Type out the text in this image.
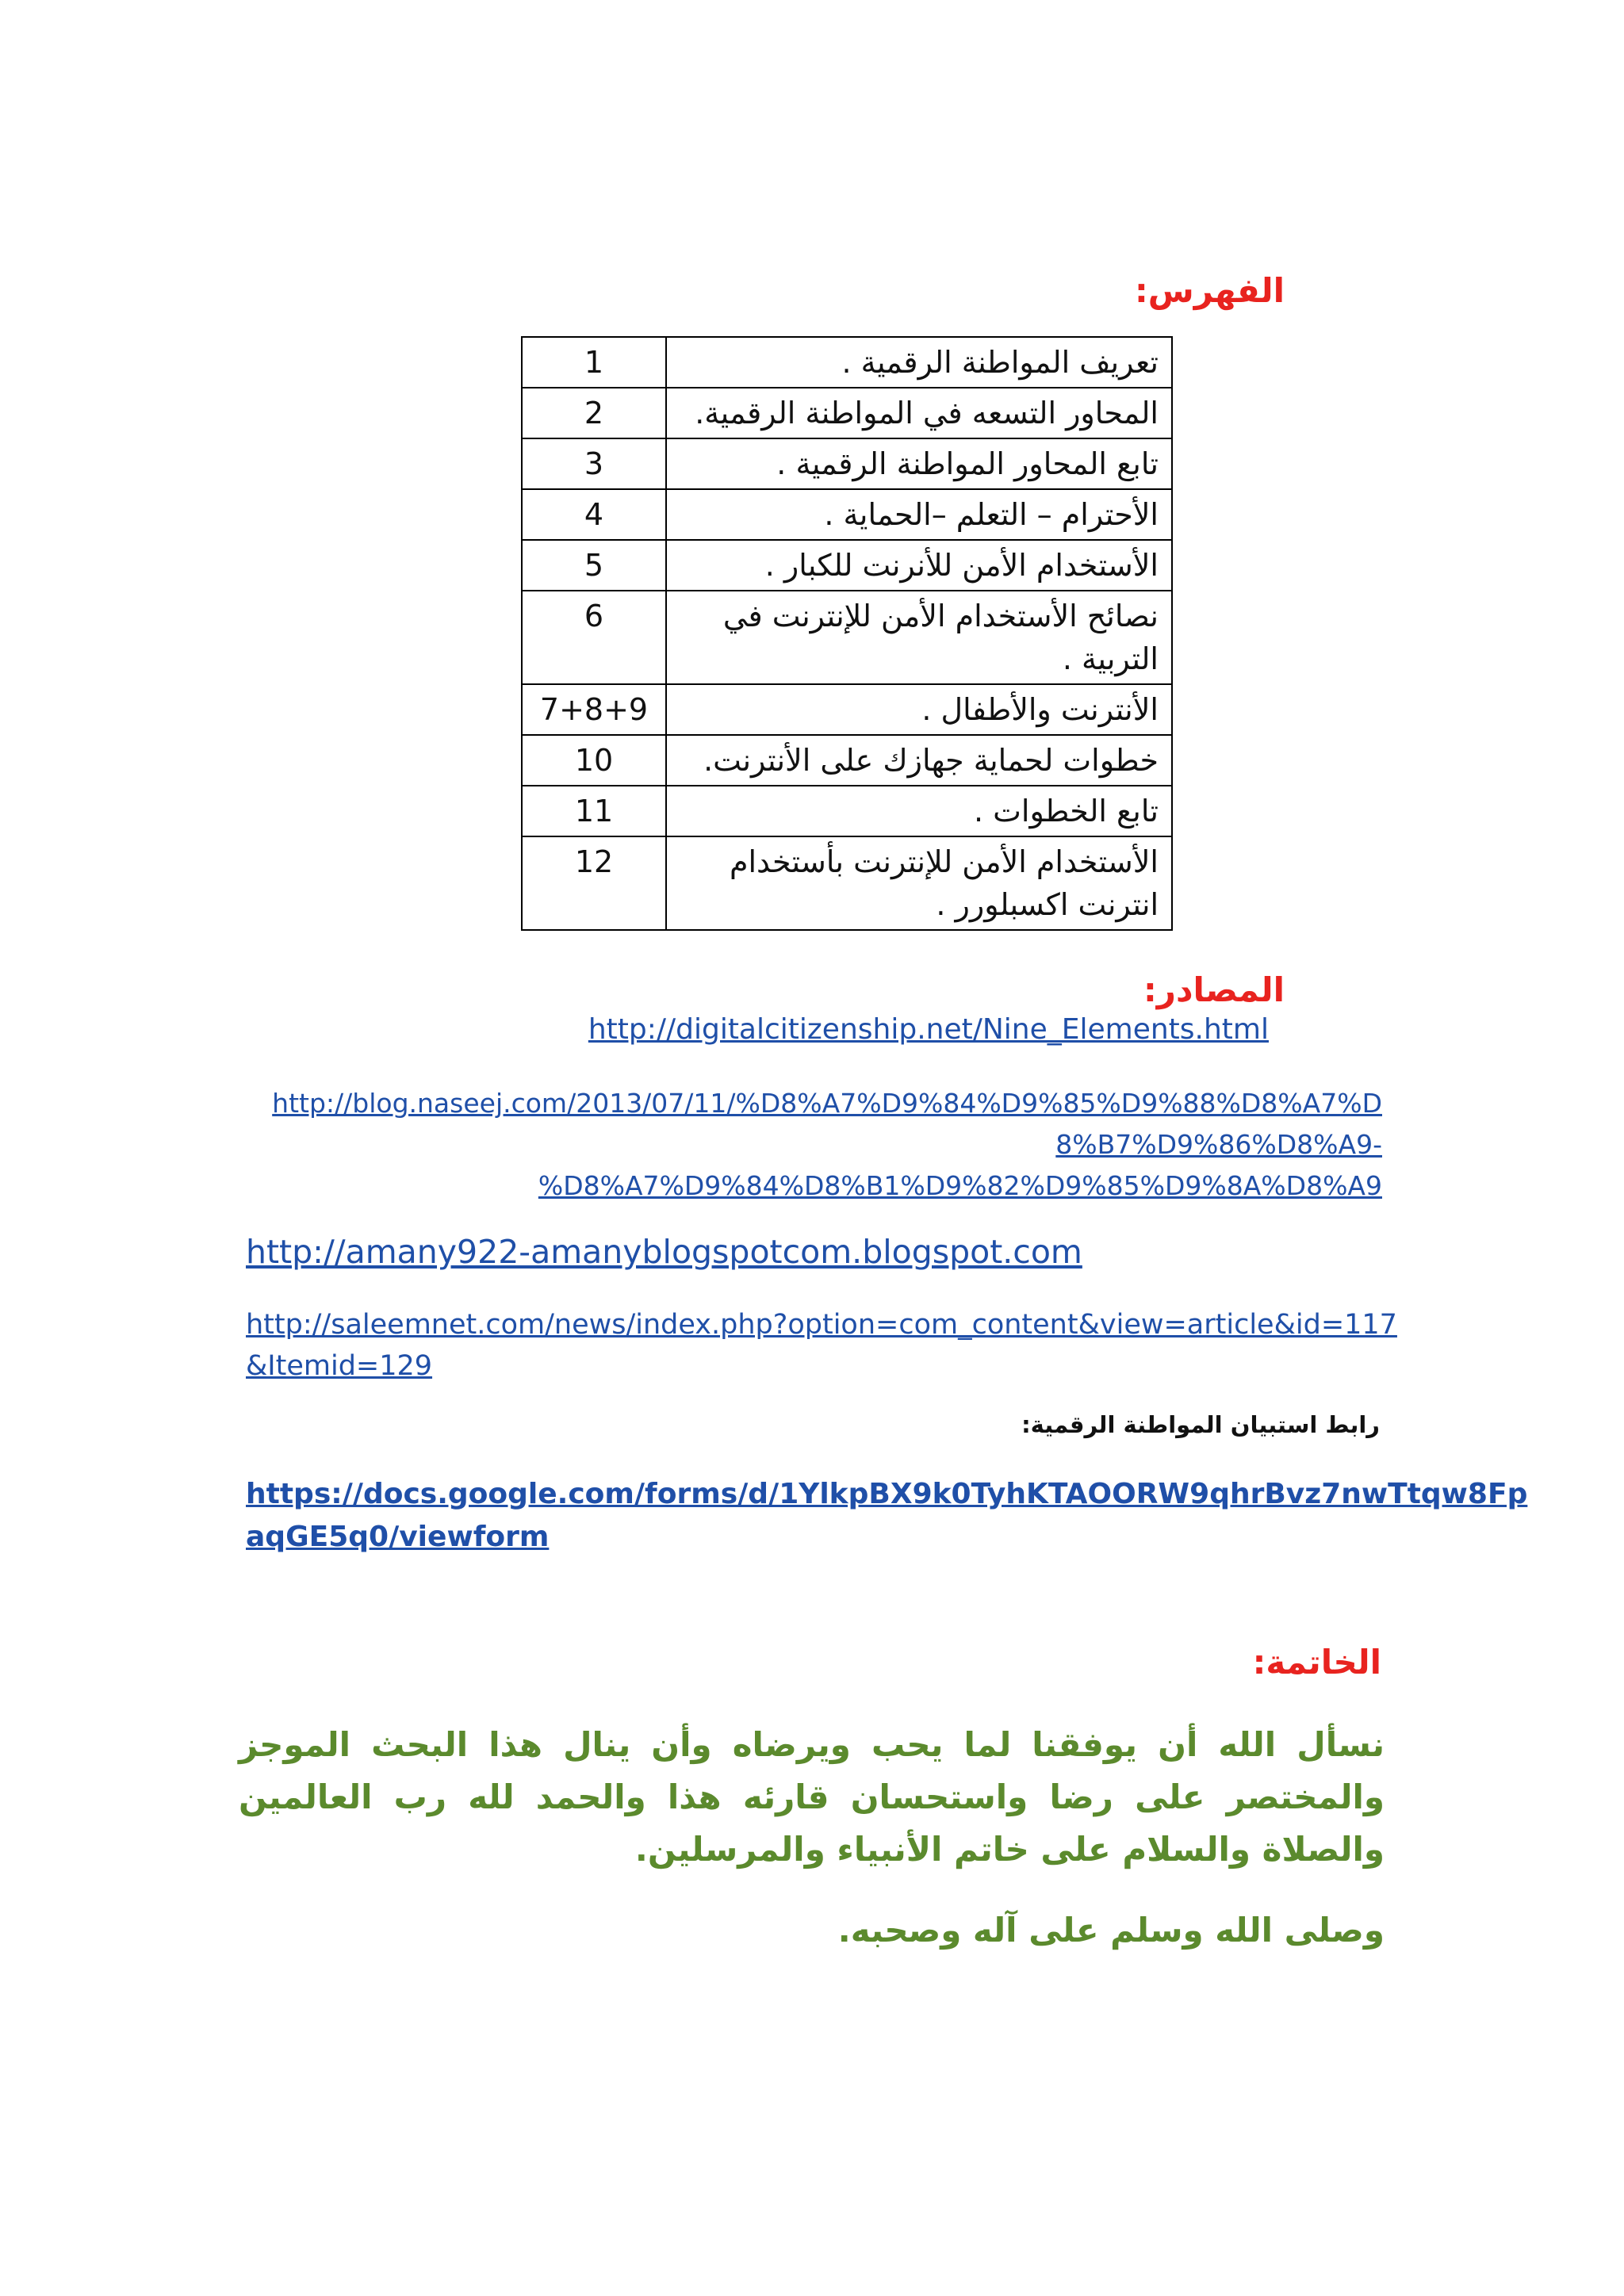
الفهرس:
تعريف المواطنة الرقمية .	1
المحاور التسعه في المواطنة الرقمية.	2
تابع المحاور المواطنة الرقمية .	3
الأحترام – التعلم –الحماية .	4
الأستخدام الأمن للأنرنت للكبار .	5
نصائح الأستخدام الأمن للإنترنت في التربية .	6
الأنترنت والأطفال .	7+8+9
خطوات لحماية جهازك على الأنترنت.	10
تابع الخطوات .	11
الأستخدام الأمن للإنترنت بأستخدام انترنت اكسبلورر .	12
المصادر:
http://digitalcitizenship.net/Nine_Elements.html
http://blog.naseej.com/2013/07/11/%D8%A7%D9%84%D9%85%D9%88%D8%A7%D
8%B7%D9%86%D8%A9-
%D8%A7%D9%84%D8%B1%D9%82%D9%85%D9%8A%D8%A9
http://amany922-amanyblogspotcom.blogspot.com
http://saleemnet.com/news/index.php?option=com_content&view=article&id=117
&Itemid=129
رابط استبيان المواطنة الرقمية:
https://docs.google.com/forms/d/1YlkpBX9k0TyhKTAOORW9qhrBvz7nwTtqw8Fp
aqGE5q0/viewform
الخاتمة:
نسأل الله أن يوفقنا لما يحب ويرضاه وأن ينال هذا البحث الموجز والمختصر على رضا واستحسان قارئه هذا والحمد لله رب العالمين والصلاة والسلام على خاتم الأنبياء والمرسلين.
وصلى الله وسلم على آله وصحبه.
